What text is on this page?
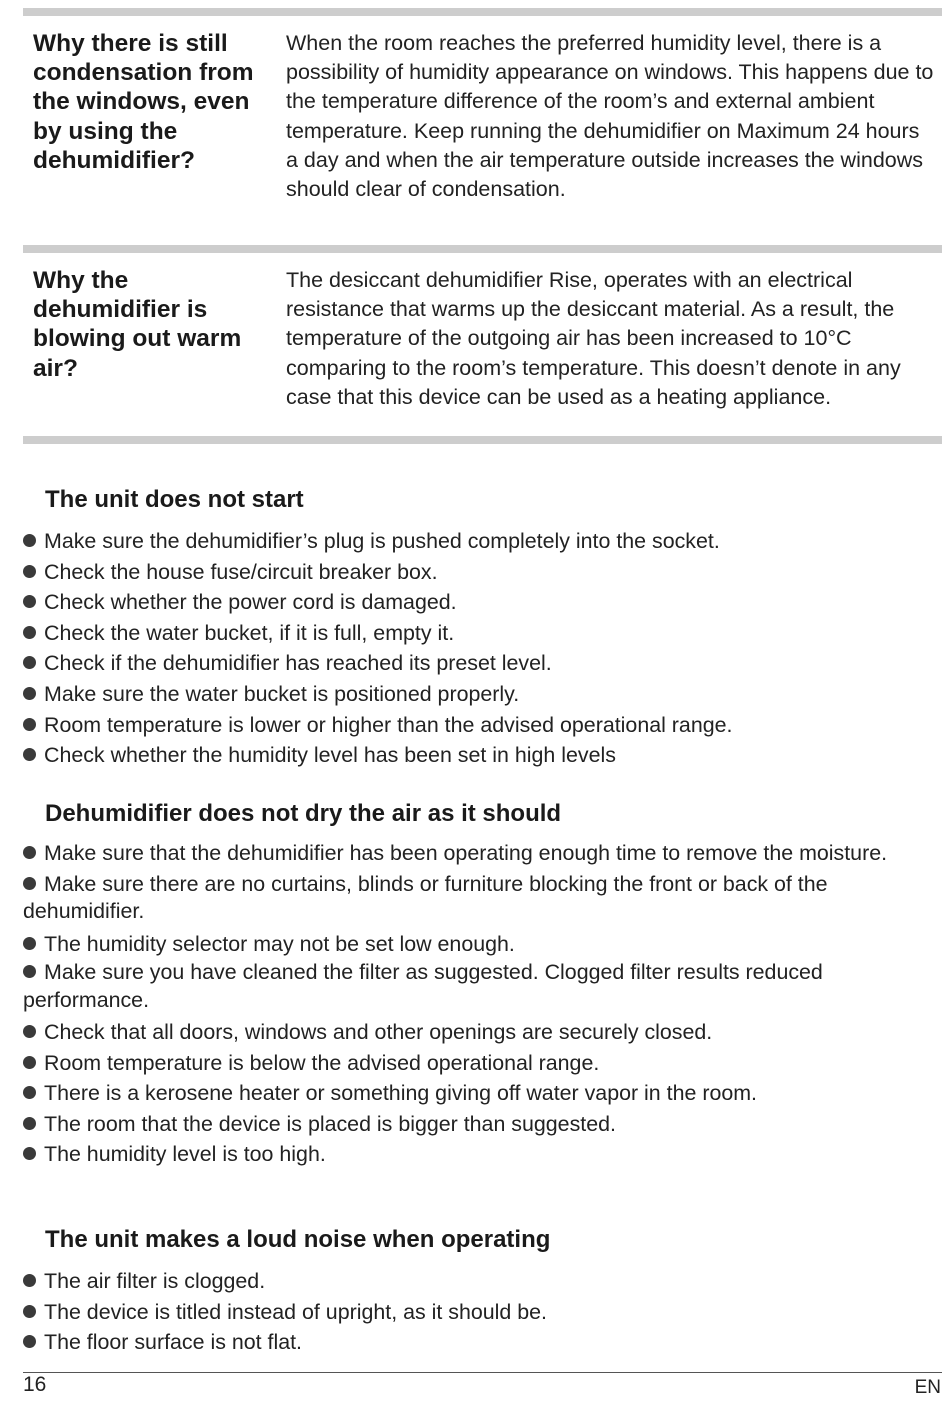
Why there is still condensation from the windows, even by using the dehumidifier?
When the room reaches the preferred humidity level, there is a possibility of humidity appearance on windows. This happens due to the temperature difference of the room’s and external ambient temperature. Keep running the dehumidifier on Maximum 24 hours a day and when the air temperature outside increases the windows should clear of condensation.
Why the dehumidifier is blowing out warm air?
The desiccant dehumidifier Rise, operates with an electrical resistance that warms up the desiccant material. As a result, the temperature of the outgoing air has been increased to 10°C comparing to the room’s temperature. This doesn’t denote in any case that this device can be used as a heating appliance.
The unit does not start
Make sure the dehumidifier’s plug is pushed completely into the socket.
Check the house fuse/circuit breaker box.
Check whether the power cord is damaged.
Check the water bucket, if it is full, empty it.
Check if the dehumidifier has reached its preset level.
Make sure the water bucket is positioned properly.
Room temperature is lower or higher than the advised operational range.
Check whether the humidity level has been set in high levels
Dehumidifier does not dry the air as it should
Make sure that the dehumidifier has been operating enough time to remove the moisture.
Make sure there are no curtains, blinds or furniture blocking the front or back of the dehumidifier.
The humidity selector may not be set low enough.
Make sure you have cleaned the filter as suggested. Clogged filter results reduced performance.
Check that all doors, windows and other openings are securely closed.
Room temperature is below the advised operational range.
There is a kerosene heater or something giving off water vapor in the room.
The room that the device is placed is bigger than suggested.
The humidity level is too high.
The unit makes a loud noise when operating
The air filter is clogged.
The device is titled instead of upright, as it should be.
The floor surface is not flat.
16	EN
